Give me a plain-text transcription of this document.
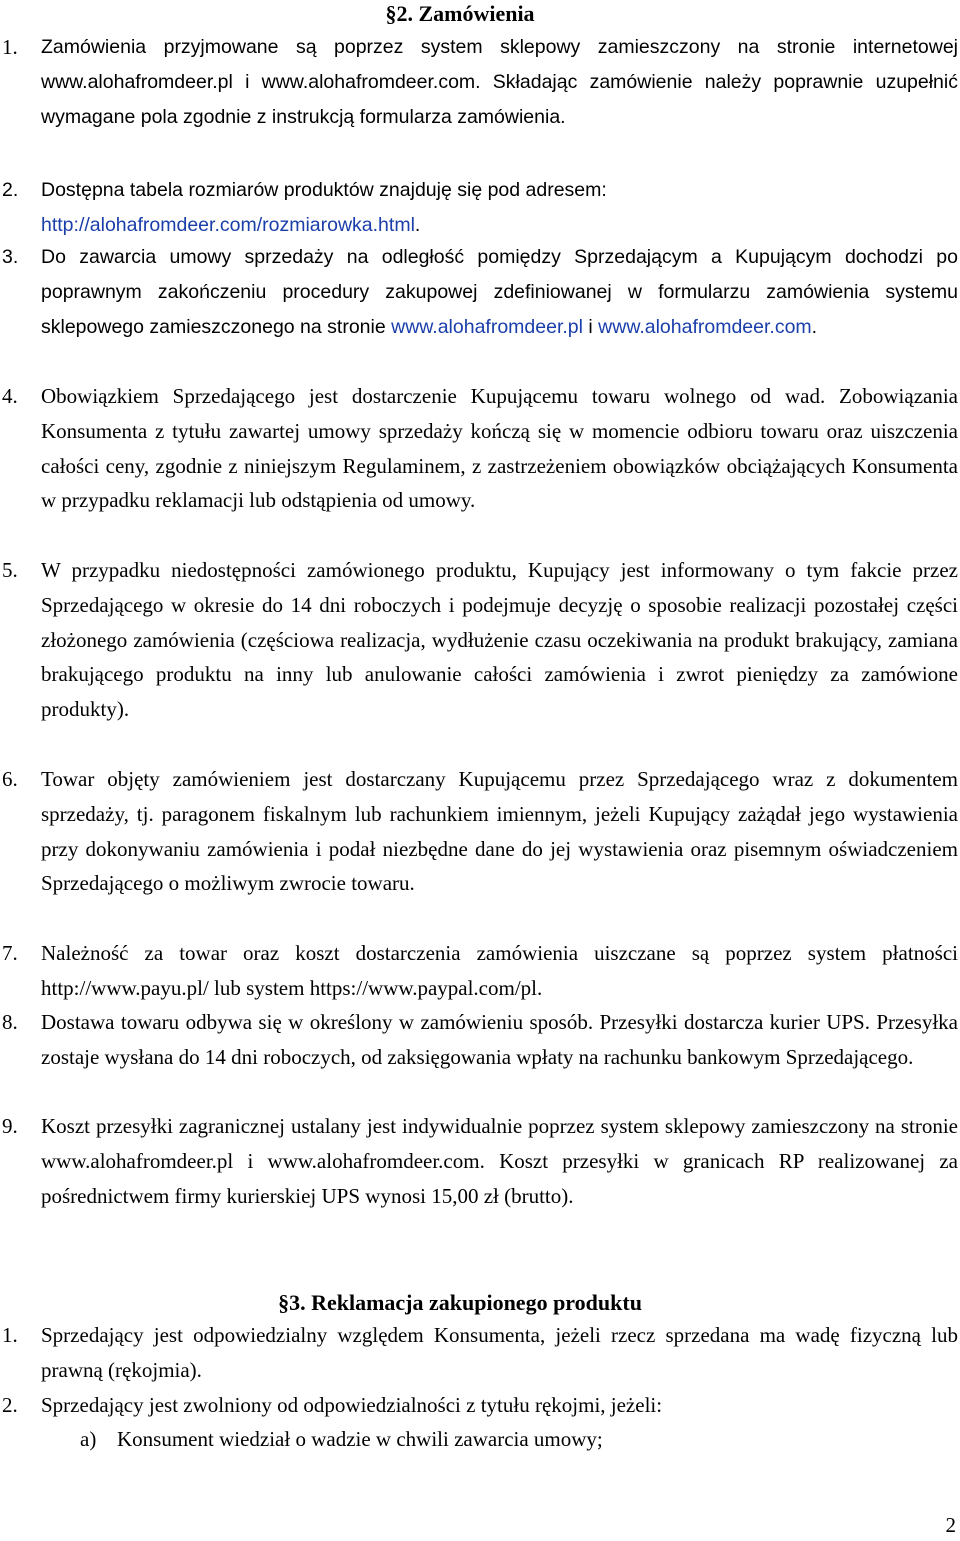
§2. Zamówienia
1. Zamówienia przyjmowane są poprzez system sklepowy zamieszczony na stronie internetowej www.alohafromdeer.pl i www.alohafromdeer.com. Składając zamówienie należy poprawnie uzupełnić wymagane pola zgodnie z instrukcją formularza zamówienia.
2. Dostępna tabela rozmiarów produktów znajduję się pod adresem: http://alohafromdeer.com/rozmiarowka.html.
3. Do zawarcia umowy sprzedaży na odległość pomiędzy Sprzedającym a Kupującym dochodzi po poprawnym zakończeniu procedury zakupowej zdefiniowanej w formularzu zamówienia systemu sklepowego zamieszczonego na stronie www.alohafromdeer.pl i www.alohafromdeer.com.
4. Obowiązkiem Sprzedającego jest dostarczenie Kupującemu towaru wolnego od wad. Zobowiązania Konsumenta z tytułu zawartej umowy sprzedaży kończą się w momencie odbioru towaru oraz uiszczenia całości ceny, zgodnie z niniejszym Regulaminem, z zastrzeżeniem obowiązków obciążających Konsumenta w przypadku reklamacji lub odstąpienia od umowy.
5. W przypadku niedostępności zamówionego produktu, Kupujący jest informowany o tym fakcie przez Sprzedającego w okresie do 14 dni roboczych i podejmuje decyzję o sposobie realizacji pozostałej części złożonego zamówienia (częściowa realizacja, wydłużenie czasu oczekiwania na produkt brakujący, zamiana brakującego produktu na inny lub anulowanie całości zamówienia i zwrot pieniędzy za zamówione produkty).
6. Towar objęty zamówieniem jest dostarczany Kupującemu przez Sprzedającego wraz z dokumentem sprzedaży, tj. paragonem fiskalnym lub rachunkiem imiennym, jeżeli Kupujący zażądał jego wystawienia przy dokonywaniu zamówienia i podał niezbędne dane do jej wystawienia oraz pisemnym oświadczeniem Sprzedającego o możliwym zwrocie towaru.
7. Należność za towar oraz koszt dostarczenia zamówienia uiszczane są poprzez system płatności http://www.payu.pl/ lub system https://www.paypal.com/pl.
8. Dostawa towaru odbywa się w określony w zamówieniu sposób. Przesyłki dostarcza kurier UPS. Przesyłka zostaje wysłana do 14 dni roboczych, od zaksięgowania wpłaty na rachunku bankowym Sprzedającego.
9. Koszt przesyłki zagranicznej ustalany jest indywidualnie poprzez system sklepowy zamieszczony na stronie www.alohafromdeer.pl i www.alohafromdeer.com. Koszt przesyłki w granicach RP realizowanej za pośrednictwem firmy kurierskiej UPS wynosi 15,00 zł (brutto).
§3. Reklamacja zakupionego produktu
1. Sprzedający jest odpowiedzialny względem Konsumenta, jeżeli rzecz sprzedana ma wadę fizyczną lub prawną (rękojmia).
2. Sprzedający jest zwolniony od odpowiedzialności z tytułu rękojmi, jeżeli:
a) Konsument wiedział o wadzie w chwili zawarcia umowy;
2
